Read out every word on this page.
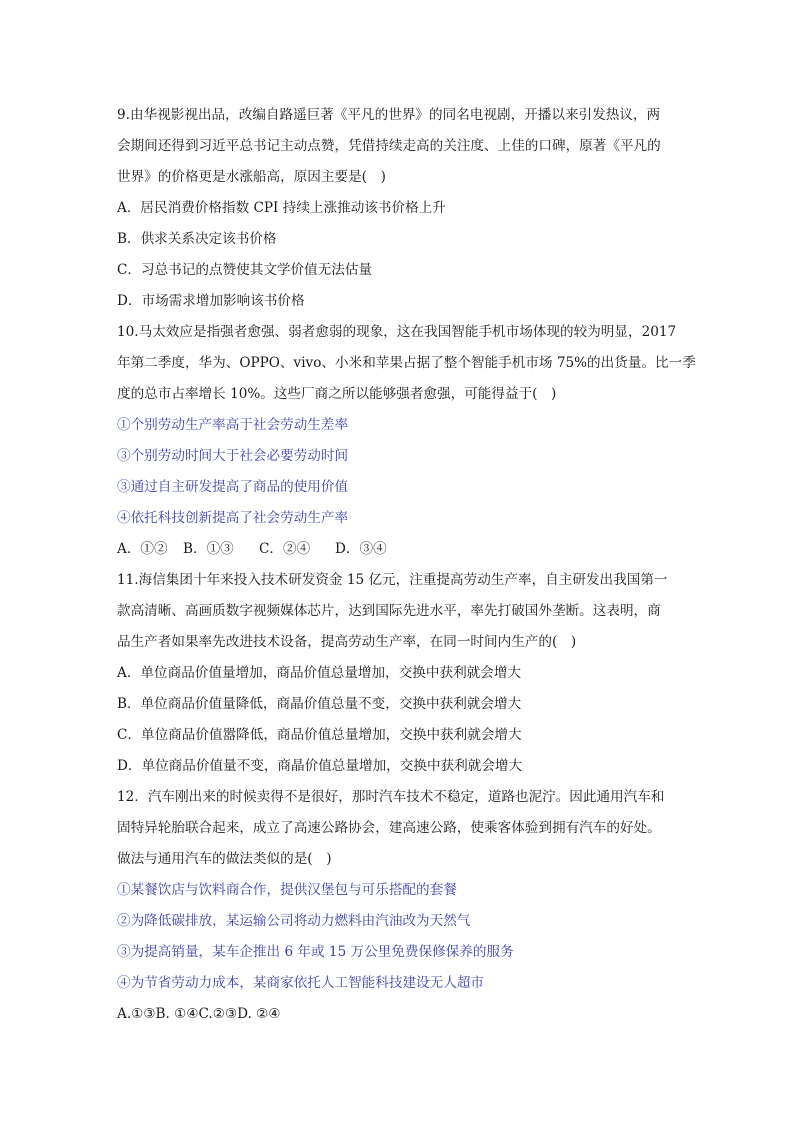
9.由华视影视出品，改编自路遥巨著《平凡的世界》的同名电视剧，开播以来引发热议，两
会期间还得到习近平总书记主动点赞，凭借持续走高的关注度、上佳的口碑，原著《平凡的
世界》的价格更是水涨船高，原因主要是(　)
A．居民消费价格指数 CPI 持续上涨推动该书价格上升
B．供求关系决定该书价格
C．习总书记的点赞使其文学价值无法估量
D．市场需求增加影响该书价格
10.马太效应是指强者愈强、弱者愈弱的现象，这在我国智能手机市场体现的较为明显，2017
年第二季度，华为、OPPO、vivo、小米和苹果占据了整个智能手机市场 75%的出货量。比一季
度的总市占率增长 10%。这些厂商之所以能够强者愈强，可能得益于(　)
①个别劳动生产率高于社会劳动生差率
③个别劳动时间大于社会必要劳动时间
③通过自主研发提高了商品的使用价值
④依托科技创新提高了社会劳动生产率
A．①② B．①③ C．②④ D．③④
11.海信集团十年来投入技术研发资金 15 亿元，注重提高劳动生产率，自主研发出我国第一
款高清晰、高画质数字视频媒体芯片，达到国际先进水平，率先打破国外垄断。这表明，商
品生产者如果率先改进技术设备，提高劳动生产率，在同一时间内生产的(　)
A．单位商品价值量增加，商品价值总量增加，交换中获利就会增大
B．单位商品价值量降低，商晶价值总量不变，交换中获利就会增大
C．单位商品价值嚣降低，商品价值总量增加，交换中获利就会增大
D．单位商品价值量不变，商晶价值总量增加，交换中获利就会增大
12．汽车刚出来的时候卖得不是很好，那时汽车技术不稳定，道路也泥泞。因此通用汽车和
固特异轮胎联合起来，成立了高速公路协会，建高速公路，使乘客体验到拥有汽车的好处。
做法与通用汽车的做法类似的是(　)
①某餐饮店与饮料商合作，提供汉堡包与可乐搭配的套餐
②为降低碳排放，某运输公司将动力燃料由汽油改为天然气
③为提高销量，某车企推出 6 年或 15 万公里免费保修保养的服务
④为节省劳动力成本，某商家依托人工智能科技建设无人超市
A.①③B. ①④C.②③D. ②④
